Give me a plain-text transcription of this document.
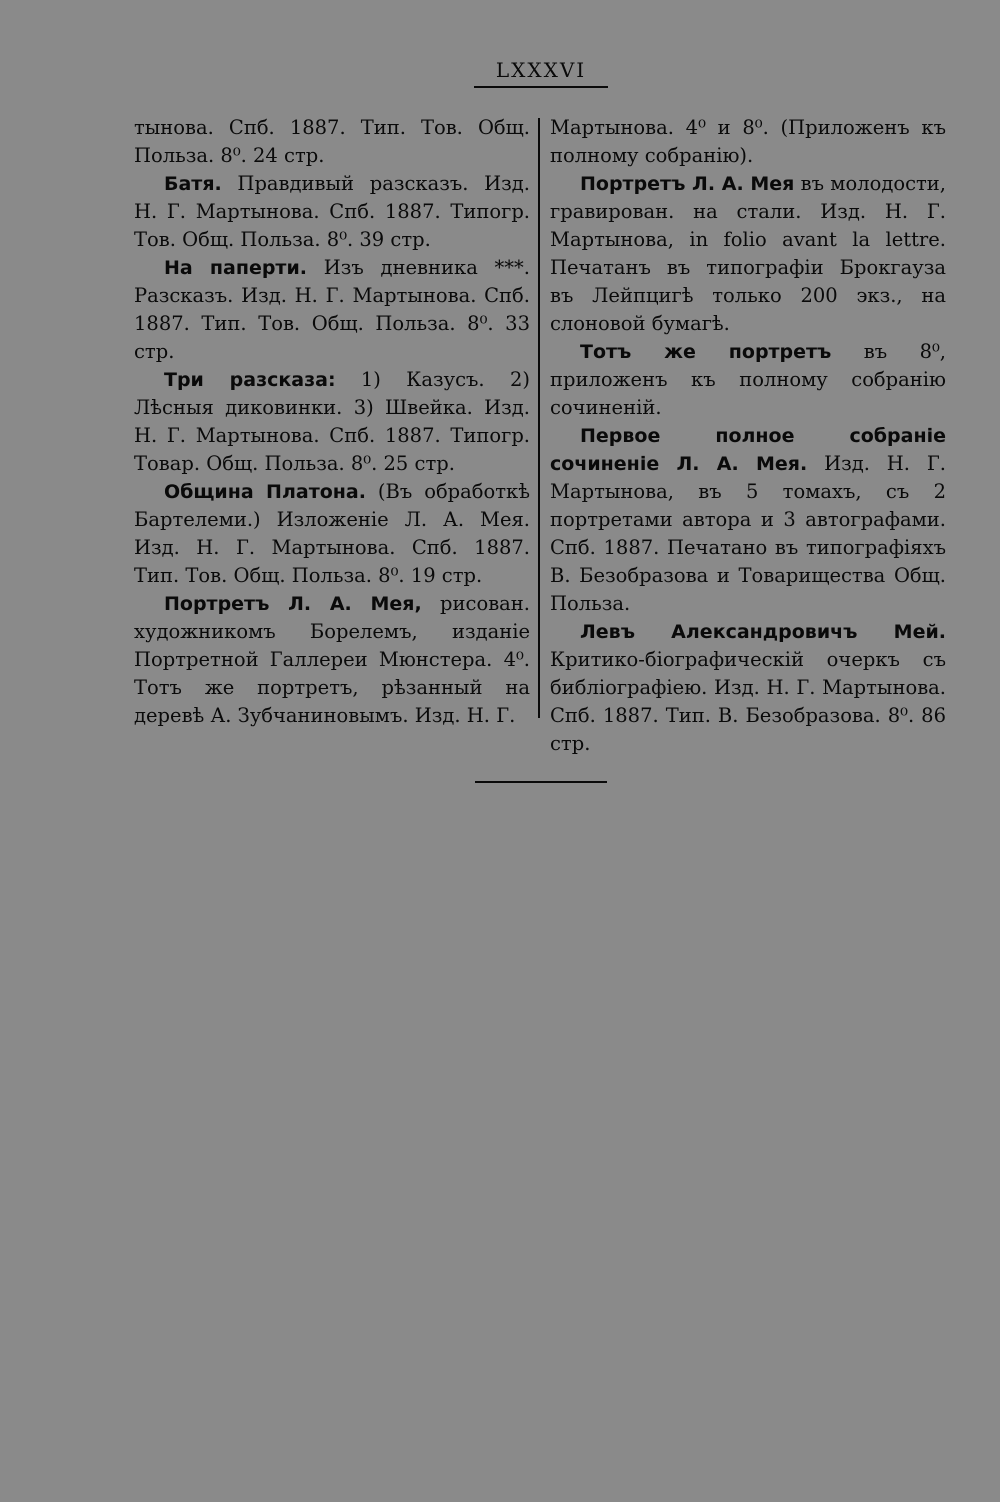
LXXXVI

тынова. Спб. 1887. Тип. Тов. Общ. Польза. 8⁰. 24 стр.

Батя. Правдивый разсказъ. Изд. Н. Г. Мартынова. Спб. 1887. Типогр. Тов. Общ. Польза. 8⁰. 39 стр.

На паперти. Изъ дневника ***. Разсказъ. Изд. Н. Г. Мартынова. Спб. 1887. Тип. Тов. Общ. Польза. 8⁰. 33 стр.

Три разсказа: 1) Казусъ. 2) Лѣсныя диковинки. 3) Швейка. Изд. Н. Г. Мартынова. Спб. 1887. Типогр. Товар. Общ. Польза. 8⁰. 25 стр.

Община Платона. (Въ обработкѣ Бартелеми.) Изложеніе Л. А. Мея. Изд. Н. Г. Мартынова. Спб. 1887. Тип. Тов. Общ. Польза. 8⁰. 19 стр.

Портретъ Л. А. Мея, рисован. художникомъ Борелемъ, изданіе Портретной Галлереи Мюнстера. 4⁰. Тотъ же портретъ, рѣзанный на деревѣ А. Зубчаниновымъ. Изд. Н. Г.

Мартынова. 4⁰ и 8⁰. (Приложенъ къ полному собранію).

Портретъ Л. А. Мея въ молодости, гравирован. на стали. Изд. Н. Г. Мартынова, in folio avant la lettre. Печатанъ въ типографіи Брокгауза въ Лейпцигѣ только 200 экз., на слоновой бумагѣ.

Тотъ же портретъ въ 8⁰, приложенъ къ полному собранію сочиненій.

Первое полное собраніе сочиненіе Л. А. Мея. Изд. Н. Г. Мартынова, въ 5 томахъ, съ 2 портретами автора и 3 автографами. Спб. 1887. Печатано въ типографіяхъ В. Безобразова и Товарищества Общ. Польза.

Левъ Александровичъ Мей. Критико-біографическій очеркъ съ библіографіею. Изд. Н. Г. Мартынова. Спб. 1887. Тип. В. Безобразова. 8⁰. 86 стр.
